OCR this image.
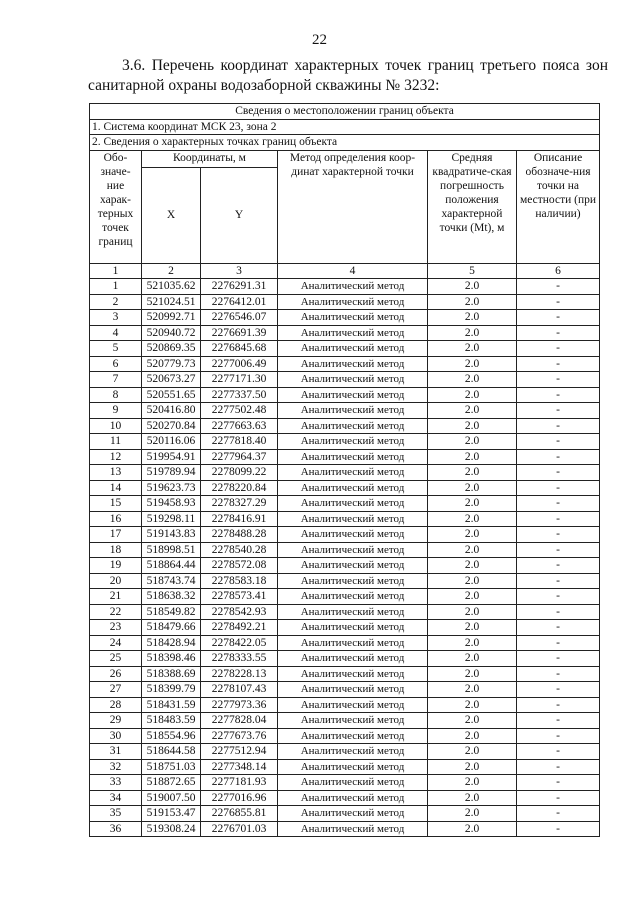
22
3.6. Перечень координат характерных точек границ третьего пояса зон
санитарной охраны водозаборной скважины № 3232:
Сведения о местоположении границ объекта					
1. Система координат МСК 23, зона 2					
2. Сведения о характерных точках границ объекта					
Обо-значе-ние харак-терных точек границ	Координаты, м		Метод определения коор-динат характерной точки	Средняя квадратиче-ская погрешность положения характерной точки (Mt), м	Описание обозначе-ния точки на местности (при наличии)
	X	Y			
1	2	3	4	5	6
1	521035.62	2276291.31	Аналитический метод	2.0	-
2	521024.51	2276412.01	Аналитический метод	2.0	-
3	520992.71	2276546.07	Аналитический метод	2.0	-
4	520940.72	2276691.39	Аналитический метод	2.0	-
5	520869.35	2276845.68	Аналитический метод	2.0	-
6	520779.73	2277006.49	Аналитический метод	2.0	-
7	520673.27	2277171.30	Аналитический метод	2.0	-
8	520551.65	2277337.50	Аналитический метод	2.0	-
9	520416.80	2277502.48	Аналитический метод	2.0	-
10	520270.84	2277663.63	Аналитический метод	2.0	-
11	520116.06	2277818.40	Аналитический метод	2.0	-
12	519954.91	2277964.37	Аналитический метод	2.0	-
13	519789.94	2278099.22	Аналитический метод	2.0	-
14	519623.73	2278220.84	Аналитический метод	2.0	-
15	519458.93	2278327.29	Аналитический метод	2.0	-
16	519298.11	2278416.91	Аналитический метод	2.0	-
17	519143.83	2278488.28	Аналитический метод	2.0	-
18	518998.51	2278540.28	Аналитический метод	2.0	-
19	518864.44	2278572.08	Аналитический метод	2.0	-
20	518743.74	2278583.18	Аналитический метод	2.0	-
21	518638.32	2278573.41	Аналитический метод	2.0	-
22	518549.82	2278542.93	Аналитический метод	2.0	-
23	518479.66	2278492.21	Аналитический метод	2.0	-
24	518428.94	2278422.05	Аналитический метод	2.0	-
25	518398.46	2278333.55	Аналитический метод	2.0	-
26	518388.69	2278228.13	Аналитический метод	2.0	-
27	518399.79	2278107.43	Аналитический метод	2.0	-
28	518431.59	2277973.36	Аналитический метод	2.0	-
29	518483.59	2277828.04	Аналитический метод	2.0	-
30	518554.96	2277673.76	Аналитический метод	2.0	-
31	518644.58	2277512.94	Аналитический метод	2.0	-
32	518751.03	2277348.14	Аналитический метод	2.0	-
33	518872.65	2277181.93	Аналитический метод	2.0	-
34	519007.50	2277016.96	Аналитический метод	2.0	-
35	519153.47	2276855.81	Аналитический метод	2.0	-
36	519308.24	2276701.03	Аналитический метод	2.0	-
